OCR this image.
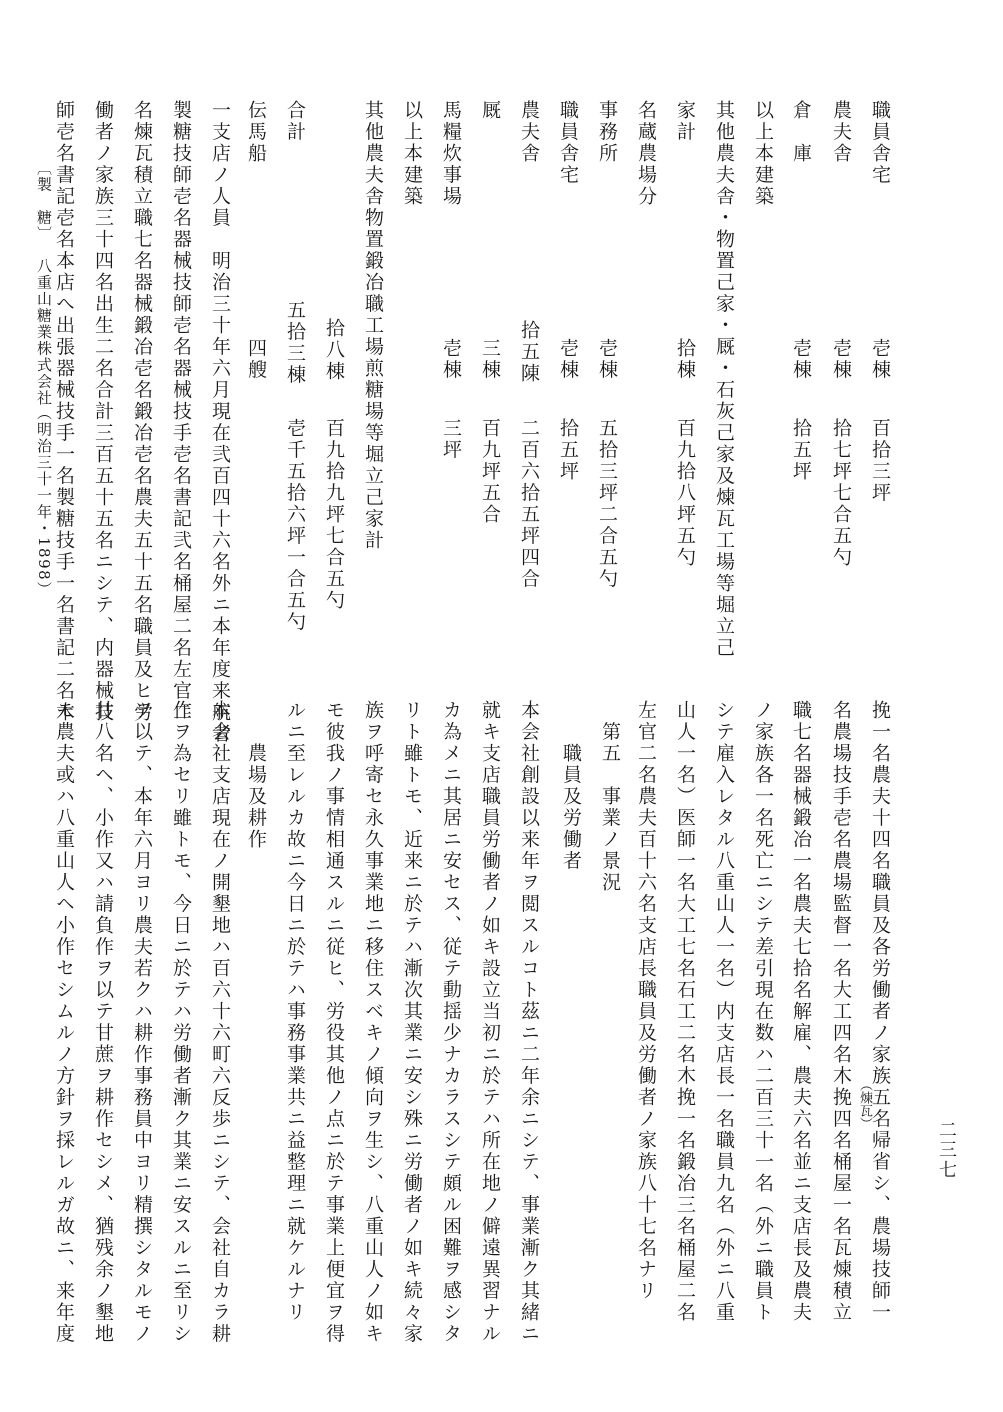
二三七
〔製　糖〕
八重山糖業株式会社
（明治三十一年・1898）
職員舎宅
壱棟
百拾三坪
農夫舎
壱棟
拾七坪七合五勺
倉　庫
壱棟
拾五坪
以上本建築
其他農夫舎・物置己家・厩・石灰己家及煉瓦工場等堀立己
家計
拾棟
百九拾八坪五勺
名蔵農場分
事務所
壱棟
五拾三坪二合五勺
職員舎宅
壱棟
拾五坪
農夫舎
拾五陳
二百六拾五坪四合
厩
三棟
百九坪五合
馬糧炊事場
壱棟
三坪
以上本建築
其他農夫舎物置鍛冶職工場煎糖場等堀立己家計
拾八棟
百九拾九坪七合五勺
合計
五拾三棟
壱千五拾六坪一合五勺
伝馬船
四艘
一支店ノ人員　明治三十年六月現在弐百四十六名外ニ本年度来航者
製糖技師壱名器械技師壱名器械技手壱名書記弐名桶屋二名左官二
名煉瓦積立職七名器械鍛冶壱名鍛冶壱名農夫五十五名職員及ヒ労
働者ノ家族三十四名出生二名合計三百五十五名ニシテ、内器械技
師壱名書記壱名本店へ出張器械技手一名製糖技手一名書記二名木
挽一名農夫十四名職員及各労働者ノ家族五名帰省シ、農場技師一
（煉瓦）
名農場技手壱名農場監督一名大工四名木挽四名桶屋一名瓦煉積立
職七名器械鍛冶一名農夫七拾名解雇、農夫六名並ニ支店長及農夫
ノ家族各一名死亡ニシテ差引現在数ハ二百三十一名（外ニ職員ト
シテ雇入レタル八重山人一名）内支店長一名職員九名（外ニ八重
山人一名）医師一名大工七名石工二名木挽一名鍛冶三名桶屋二名
左官二名農夫百十六名支店長職員及労働者ノ家族八十七名ナリ
　第五　事業ノ景況
　　職員及労働者
本会社創設以来年ヲ閲スルコト茲ニ二年余ニシテ、事業漸ク其緒ニ
就キ支店職員労働者ノ如キ設立当初ニ於テハ所在地ノ僻遠異習ナル
カ為メニ其居ニ安セス、従テ動揺少ナカラスシテ頗ル困難ヲ感シタ
リト雖トモ、近来ニ於テハ漸次其業ニ安シ殊ニ労働者ノ如キ続々家
族ヲ呼寄セ永久事業地ニ移住スベキノ傾向ヲ生シ、八重山人ノ如キ
モ彼我ノ事情相通スルニ従ヒ、労役其他ノ点ニ於テ事業上便宜ヲ得
ルニ至レルカ故ニ今日ニ於テハ事務事業共ニ益整理ニ就ケルナリ
　　農場及耕作
本会社支店現在ノ開墾地ハ百六十六町六反歩ニシテ、会社自カラ耕
作ヲ為セリ雖トモ、今日ニ於テハ労働者漸ク其業ニ安スルニ至リシ
ヲ以テ、本年六月ヨリ農夫若クハ耕作事務員中ヨリ精撰シタルモノ
廿八名ヘ、小作又ハ請負作ヲ以テ甘蔗ヲ耕作セシメ、猶残余ノ墾地
モ農夫或ハ八重山人ヘ小作セシムルノ方針ヲ採レルガ故ニ、来年度
